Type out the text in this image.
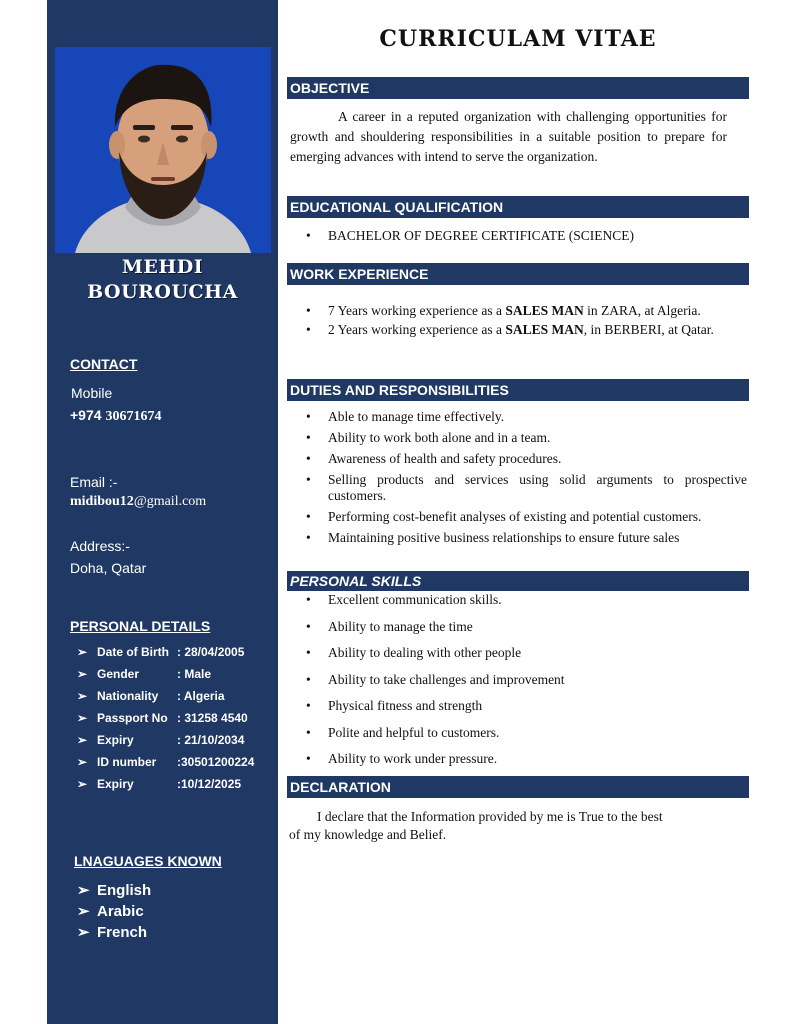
MEHDI
BOUROUCHA
CONTACT
Mobile
+974 30671674
Email :-
midibou12@gmail.com
Address:-
Doha, Qatar
PERSONAL DETAILS
➢ Date of Birth : 28/04/2005
➢ Gender	: Male
➢ Nationality : Algeria
➢ Passport No : 31258 4540
➢ Expiry	: 21/10/2034
➢ ID number :30501200224
➢ Expiry	:10/12/2025
LNAGUAGES KNOWN
➢ English
➢ Arabic
➢ French
CURRICULAM VITAE
OBJECTIVE
A career in a reputed organization with challenging opportunities for growth and shouldering responsibilities in a suitable position to prepare for emerging advances with intend to serve the organization.
EDUCATIONAL QUALIFICATION
• BACHELOR OF DEGREE CERTIFICATE (SCIENCE)
WORK EXPERIENCE
• 7 Years working experience as a SALES MAN in ZARA, at Algeria.
• 2 Years working experience as a SALES MAN, in BERBERI, at Qatar.
DUTIES AND RESPONSIBILITIES
• Able to manage time effectively.
• Ability to work both alone and in a team.
• Awareness of health and safety procedures.
• Selling products and services using solid arguments to prospective customers.
• Performing cost-benefit analyses of existing and potential customers.
• Maintaining positive business relationships to ensure future sales
PERSONAL SKILLS
• Excellent communication skills.
• Ability to manage the time
• Ability to dealing with other people
• Ability to take challenges and improvement
• Physical fitness and strength
• Polite and helpful to customers.
• Ability to work under pressure.
DECLARATION
I declare that the Information provided by me is True to the best
of my knowledge and Belief.
